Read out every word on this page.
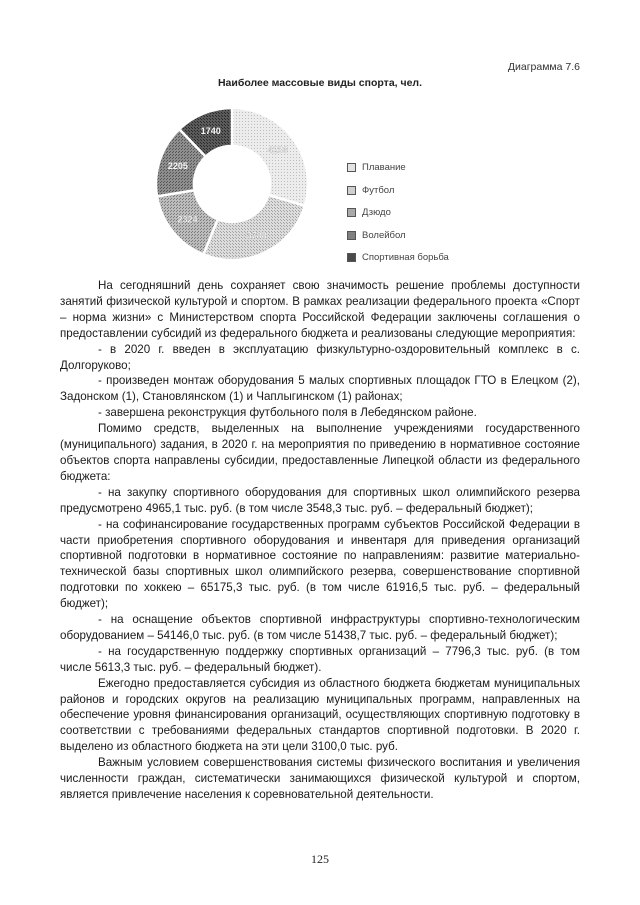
Диаграмма 7.6
Наиболее массовые виды спорта, чел.
4236
3788
2324
2205
1740
Плавание
Футбол
Дзюдо
Волейбол
Спортивная борьба

На сегодняшний день сохраняет свою значимость решение проблемы доступности занятий физической культурой и спортом. В рамках реализации федерального проекта «Спорт – норма жизни» с Министерством спорта Российской Федерации заключены соглашения о предоставлении субсидий из федерального бюджета и реализованы следующие мероприятия:

- в 2020 г. введен в эксплуатацию физкультурно-оздоровительный комплекс в с. Долгоруково;

- произведен монтаж оборудования 5 малых спортивных площадок ГТО в Елецком (2), Задонском (1), Становлянском (1) и Чаплыгинском (1) районах;

- завершена реконструкция футбольного поля в Лебедянском районе.

Помимо средств, выделенных на выполнение учреждениями государственного (муниципального) задания, в 2020 г. на мероприятия по приведению в нормативное состояние объектов спорта направлены субсидии, предоставленные Липецкой области из федерального бюджета:

- на закупку спортивного оборудования для спортивных школ олимпийского резерва предусмотрено 4965,1 тыс. руб. (в том числе 3548,3 тыс. руб. – федеральный бюджет);

- на софинансирование государственных программ субъектов Российской Федерации в части приобретения спортивного оборудования и инвентаря для приведения организаций спортивной подготовки в нормативное состояние по направлениям: развитие материально-технической базы спортивных школ олимпийского резерва, совершенствование спортивной подготовки по хоккею – 65175,3 тыс. руб. (в том числе 61916,5 тыс. руб. – федеральный бюджет);

- на оснащение объектов спортивной инфраструктуры спортивно-технологическим оборудованием – 54146,0 тыс. руб. (в том числе 51438,7 тыс. руб. – федеральный бюджет);

- на государственную поддержку спортивных организаций – 7796,3 тыс. руб. (в том числе 5613,3 тыс. руб. – федеральный бюджет).

Ежегодно предоставляется субсидия из областного бюджета бюджетам муниципальных районов и городских округов на реализацию муниципальных программ, направленных на обеспечение уровня финансирования организаций, осуществляющих спортивную подготовку в соответствии с требованиями федеральных стандартов спортивной подготовки. В 2020 г. выделено из областного бюджета на эти цели 3100,0 тыс. руб.

Важным условием совершенствования системы физического воспитания и увеличения численности граждан, систематически занимающихся физической культурой и спортом, является привлечение населения к соревновательной деятельности.

125
